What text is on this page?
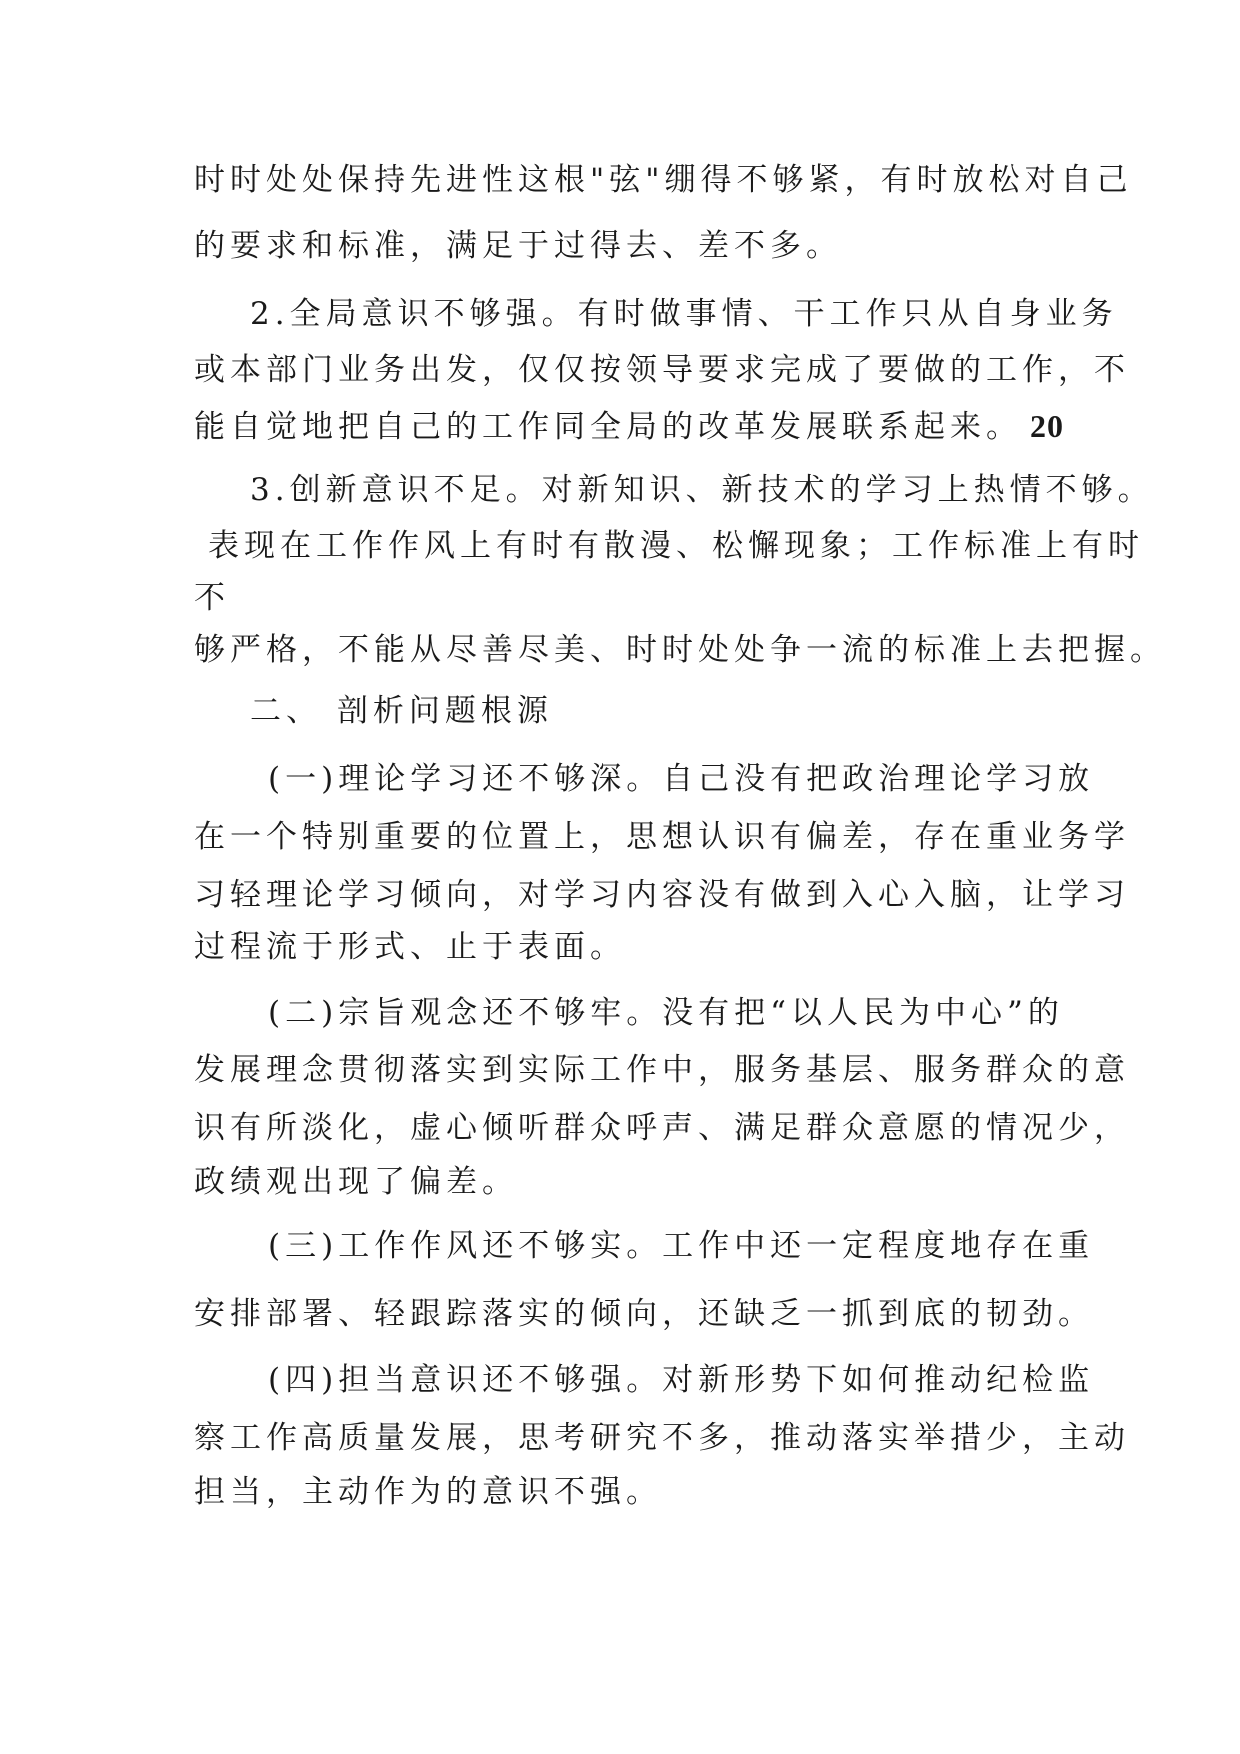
时时处处保持先进性这根"弦"绷得不够紧，有时放松对自己
的要求和标准，满足于过得去、差不多。
2.全局意识不够强。有时做事情、干工作只从自身业务
或本部门业务出发，仅仅按领导要求完成了要做的工作，不
能自觉地把自己的工作同全局的改革发展联系起来。 20
3.创新意识不足。对新知识、新技术的学习上热情不够。
表现在工作作风上有时有散漫、松懈现象；工作标准上有时
不
够严格，不能从尽善尽美、时时处处争一流的标准上去把握。
二、 剖析问题根源
(一)理论学习还不够深。自己没有把政治理论学习放
在一个特别重要的位置上，思想认识有偏差，存在重业务学
习轻理论学习倾向，对学习内容没有做到入心入脑，让学习
过程流于形式、止于表面。
(二)宗旨观念还不够牢。没有把“以人民为中心”的
发展理念贯彻落实到实际工作中，服务基层、服务群众的意
识有所淡化，虚心倾听群众呼声、满足群众意愿的情况少，
政绩观出现了偏差。
(三)工作作风还不够实。工作中还一定程度地存在重
安排部署、轻跟踪落实的倾向，还缺乏一抓到底的韧劲。
(四)担当意识还不够强。对新形势下如何推动纪检监
察工作高质量发展，思考研究不多，推动落实举措少，主动
担当，主动作为的意识不强。
